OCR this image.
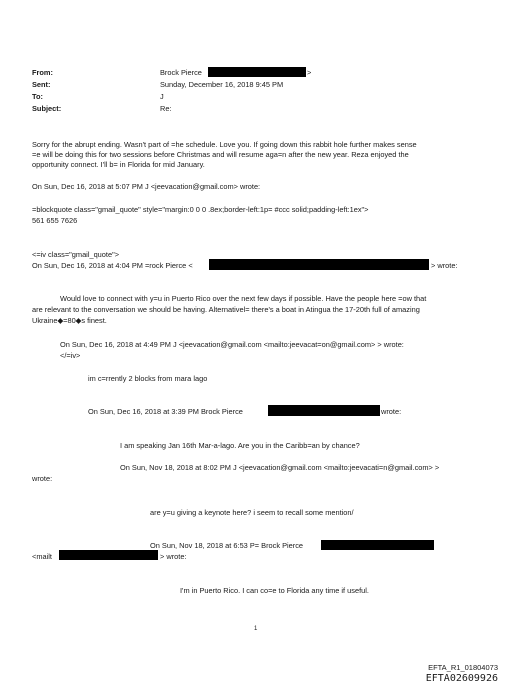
From:	Brock Pierce	>
Sent:	Sunday, December 16, 2018 9:45 PM
To:	J
Subject:	Re:
Sorry for the abrupt ending. Wasn't part of =he schedule. Love you. If going down this rabbit hole further makes sense
=e will be doing this for two sessions before Christmas and will resume aga=n after the new year. Reza enjoyed the
opportunity connect. I'll b= in Florida for mid January.
On Sun, Dec 16, 2018 at 5:07 PM J <jeevacation@gmail.com> wrote:
=blockquote class="gmail_quote" style="margin:0 0 0 .8ex;border-left:1p= #ccc solid;padding-left:1ex">
561 655 7626
<=iv class="gmail_quote">
On Sun, Dec 16, 2018 at 4:04 PM =rock Pierce <	> wrote:
Would love to connect with y=u in Puerto Rico over the next few days if possible. Have the people here =ow that
are relevant to the conversation we should be having. Alternativel= there's a boat in Atingua the 17-20th full of amazing
Ukraine◆=80◆s finest.
On Sun, Dec 16, 2018 at 4:49 PM J <jeevacation@gmail.com <mailto:jeevacat=on@gmail.com> > wrote:
</=iv>
im c=rrently 2 blocks from mara lago
On Sun, Dec 16, 2018 at 3:39 PM Brock Pierce	wrote:
I am speaking Jan 16th Mar-a-lago. Are you in the Caribb=an by chance?
On Sun, Nov 18, 2018 at 8:02 PM J <jeevacation@gmail.com <mailto:jeevacati=n@gmail.com> >
wrote:
are y=u giving a keynote here? i seem to recall some mention/
On Sun, Nov 18, 2018 at 6:53 P= Brock Pierce
<mailt	> wrote:
I'm in Puerto Rico. I can co=e to Florida any time if useful.
1
EFTA_R1_01804073
EFTA02609926
